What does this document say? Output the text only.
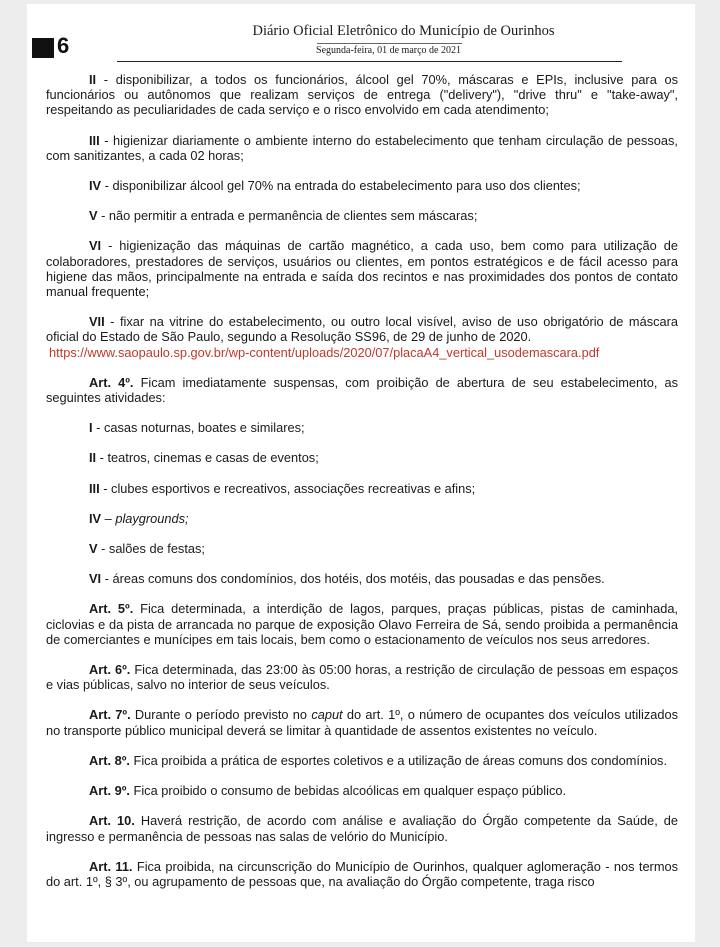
6
Diário Oficial Eletrônico do Município de Ourinhos
Segunda-feira, 01 de março de 2021

II - disponibilizar, a todos os funcionários, álcool gel 70%, máscaras e EPIs, inclusive para os funcionários ou autônomos que realizam serviços de entrega ("delivery"), "drive thru" e "take-away", respeitando as peculiaridades de cada serviço e o risco envolvido em cada atendimento;

III - higienizar diariamente o ambiente interno do estabelecimento que tenham circulação de pessoas, com sanitizantes, a cada 02 horas;

IV - disponibilizar álcool gel 70% na entrada do estabelecimento para uso dos clientes;

V - não permitir a entrada e permanência de clientes sem máscaras;

VI - higienização das máquinas de cartão magnético, a cada uso, bem como para utilização de colaboradores, prestadores de serviços, usuários ou clientes, em pontos estratégicos e de fácil acesso para higiene das mãos, principalmente na entrada e saída dos recintos e nas proximidades dos pontos de contato manual frequente;

VII - fixar na vitrine do estabelecimento, ou outro local visível, aviso de uso obrigatório de máscara oficial do Estado de São Paulo, segundo a Resolução SS96, de 29 de junho de 2020.

https://www.saopaulo.sp.gov.br/wp-content/uploads/2020/07/placaA4_vertical_usodemascara.pdf

Art. 4º. Ficam imediatamente suspensas, com proibição de abertura de seu estabelecimento, as seguintes atividades:

I - casas noturnas, boates e similares;

II - teatros, cinemas e casas de eventos;

III - clubes esportivos e recreativos, associações recreativas e afins;

IV – playgrounds;

V - salões de festas;

VI - áreas comuns dos condomínios, dos hotéis, dos motéis, das pousadas e das pensões.

Art. 5º. Fica determinada, a interdição de lagos, parques, praças públicas, pistas de caminhada, ciclovias e da pista de arrancada no parque de exposição Olavo Ferreira de Sá, sendo proibida a permanência de comerciantes e munícipes em tais locais, bem como o estacionamento de veículos nos seus arredores.

Art. 6º. Fica determinada, das 23:00 às 05:00 horas, a restrição de circulação de pessoas em espaços e vias públicas, salvo no interior de seus veículos.

Art. 7º. Durante o período previsto no caput do art. 1º, o número de ocupantes dos veículos utilizados no transporte público municipal deverá se limitar à quantidade de assentos existentes no veículo.

Art. 8º. Fica proibida a prática de esportes coletivos e a utilização de áreas comuns dos condomínios.

Art. 9º. Fica proibido o consumo de bebidas alcoólicas em qualquer espaço público.

Art. 10. Haverá restrição, de acordo com análise e avaliação do Órgão competente da Saúde, de ingresso e permanência de pessoas nas salas de velório do Município.

Art. 11. Fica proibida, na circunscrição do Município de Ourinhos, qualquer aglomeração - nos termos do art. 1º, § 3º, ou agrupamento de pessoas que, na avaliação do Órgão competente, traga risco
